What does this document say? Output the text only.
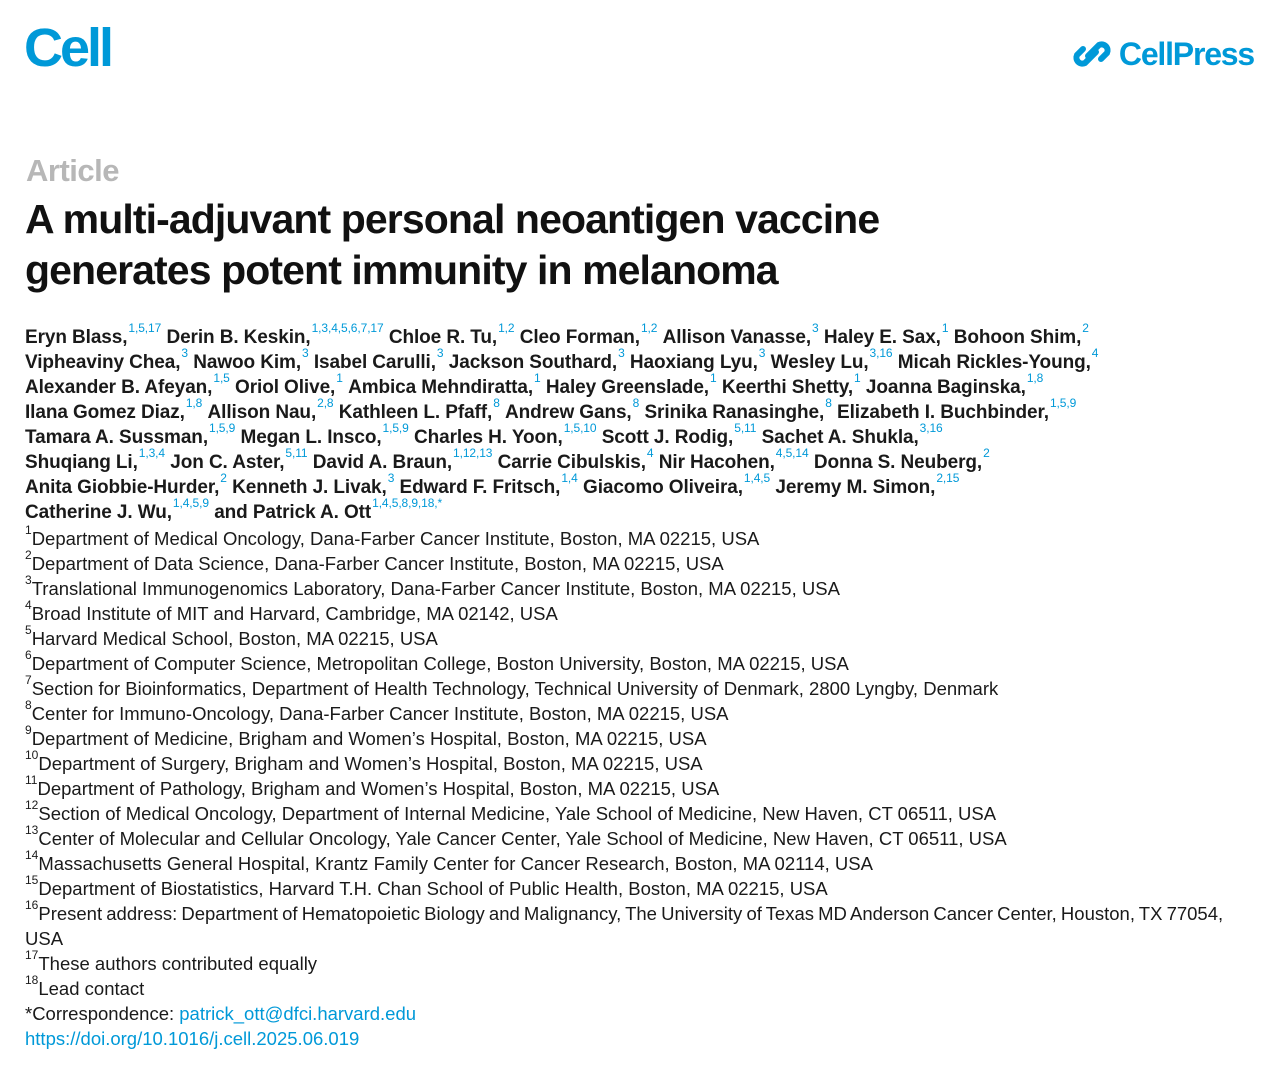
Cell	CellPress
Article
A multi-adjuvant personal neoantigen vaccine
generates potent immunity in melanoma
Eryn Blass,$^{1,5,17}$ Derin B. Keskin,$^{1,3,4,5,6,7,17}$ Chloe R. Tu,$^{1,2}$ Cleo Forman,$^{1,2}$ Allison Vanasse,$^3$ Haley E. Sax,$^1$ Bohoon Shim,$^2$
Vipheaviny Chea,$^3$ Nawoo Kim,$^3$ Isabel Carulli,$^3$ Jackson Southard,$^3$ Haoxiang Lyu,$^3$ Wesley Lu,$^{3,16}$ Micah Rickles-Young,$^4$
Alexander B. Afeyan,$^{1,5}$ Oriol Olive,$^1$ Ambica Mehndiratta,$^1$ Haley Greenslade,$^1$ Keerthi Shetty,$^1$ Joanna Baginska,$^{1,8}$
Ilana Gomez Diaz,$^{1,8}$ Allison Nau,$^{2,8}$ Kathleen L. Pfaff,$^8$ Andrew Gans,$^8$ Srinika Ranasinghe,$^8$ Elizabeth I. Buchbinder,$^{1,5,9}$
Tamara A. Sussman,$^{1,5,9}$ Megan L. Insco,$^{1,5,9}$ Charles H. Yoon,$^{1,5,10}$ Scott J. Rodig,$^{5,11}$ Sachet A. Shukla,$^{3,16}$
Shuqiang Li,$^{1,3,4}$ Jon C. Aster,$^{5,11}$ David A. Braun,$^{1,12,13}$ Carrie Cibulskis,$^4$ Nir Hacohen,$^{4,5,14}$ Donna S. Neuberg,$^2$
Anita Giobbie-Hurder,$^2$ Kenneth J. Livak,$^3$ Edward F. Fritsch,$^{1,4}$ Giacomo Oliveira,$^{1,4,5}$ Jeremy M. Simon,$^{2,15}$
Catherine J. Wu,$^{1,4,5,9}$ and Patrick A. Ott$^{1,4,5,8,9,18,*}$
$^1$Department of Medical Oncology, Dana-Farber Cancer Institute, Boston, MA 02215, USA
$^2$Department of Data Science, Dana-Farber Cancer Institute, Boston, MA 02215, USA
$^3$Translational Immunogenomics Laboratory, Dana-Farber Cancer Institute, Boston, MA 02215, USA
$^4$Broad Institute of MIT and Harvard, Cambridge, MA 02142, USA
$^5$Harvard Medical School, Boston, MA 02215, USA
$^6$Department of Computer Science, Metropolitan College, Boston University, Boston, MA 02215, USA
$^7$Section for Bioinformatics, Department of Health Technology, Technical University of Denmark, 2800 Lyngby, Denmark
$^8$Center for Immuno-Oncology, Dana-Farber Cancer Institute, Boston, MA 02215, USA
$^9$Department of Medicine, Brigham and Women’s Hospital, Boston, MA 02215, USA
$^{10}$Department of Surgery, Brigham and Women’s Hospital, Boston, MA 02215, USA
$^{11}$Department of Pathology, Brigham and Women’s Hospital, Boston, MA 02215, USA
$^{12}$Section of Medical Oncology, Department of Internal Medicine, Yale School of Medicine, New Haven, CT 06511, USA
$^{13}$Center of Molecular and Cellular Oncology, Yale Cancer Center, Yale School of Medicine, New Haven, CT 06511, USA
$^{14}$Massachusetts General Hospital, Krantz Family Center for Cancer Research, Boston, MA 02114, USA
$^{15}$Department of Biostatistics, Harvard T.H. Chan School of Public Health, Boston, MA 02215, USA
$^{16}$Present address: Department of Hematopoietic Biology and Malignancy, The University of Texas MD Anderson Cancer Center, Houston, TX 77054, USA
$^{17}$These authors contributed equally
$^{18}$Lead contact
*Correspondence: patrick_ott@dfci.harvard.edu
https://doi.org/10.1016/j.cell.2025.06.019
